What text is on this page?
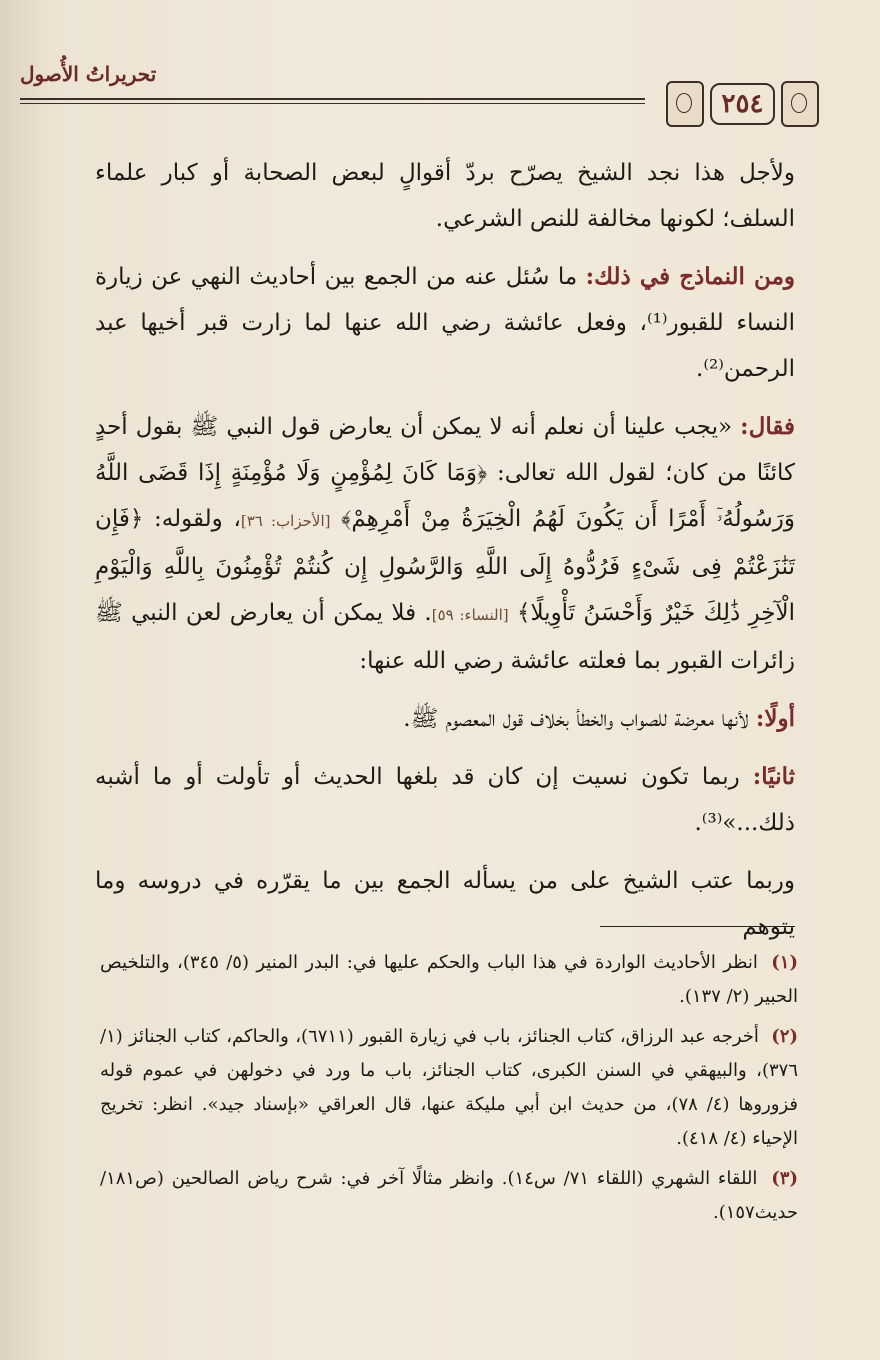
تحريراتُ الأُصول
٢٥٤

ولأجل هذا نجد الشيخ يصرّح بردّ أقوالٍ لبعض الصحابة أو كبار علماء السلف؛ لكونها مخالفة للنص الشرعي.

ومن النماذج في ذلك: ما سُئل عنه من الجمع بين أحاديث النهي عن زيارة النساء للقبور⁽¹⁾، وفعل عائشة رضي الله عنها لما زارت قبر أخيها عبد الرحمن⁽²⁾.

فقال: «يجب علينا أن نعلم أنه لا يمكن أن يعارض قول النبي ﷺ بقول أحدٍ كائنًا من كان؛ لقول الله تعالى: ﴿وَمَا كَانَ لِمُؤْمِنٍ وَلَا مُؤْمِنَةٍ إِذَا قَضَى اللَّهُ وَرَسُولُهُۥٓ أَمْرًا أَن يَكُونَ لَهُمُ الْخِيَرَةُ مِنْ أَمْرِهِمْ﴾ [الأحزاب: ٣٦]، ولقوله: ﴿فَإِن تَنَٰزَعْتُمْ فِى شَىْءٍ فَرُدُّوهُ إِلَى اللَّهِ وَالرَّسُولِ إِن كُنتُمْ تُؤْمِنُونَ بِاللَّهِ وَالْيَوْمِ الْآخِرِ ذَٰلِكَ خَيْرٌ وَأَحْسَنُ تَأْوِيلًا﴾ [النساء: ٥٩]. فلا يمكن أن يعارض لعن النبي ﷺ زائرات القبور بما فعلته عائشة رضي الله عنها:

أولًا: لأنها معرضة للصواب والخطأ بخلاف قول المعصوم ﷺ.

ثانيًا: ربما تكون نسيت إن كان قد بلغها الحديث أو تأولت أو ما أشبه ذلك...»⁽³⁾.

وربما عتب الشيخ على من يسأله الجمع بين ما يقرّره في دروسه وما يتوهم

(١) انظر الأحاديث الواردة في هذا الباب والحكم عليها في: البدر المنير (٥/ ٣٤٥)، والتلخيص الحبير (٢/ ١٣٧).

(٢) أخرجه عبد الرزاق، كتاب الجنائز، باب في زيارة القبور (٦٧١١)، والحاكم، كتاب الجنائز (١/ ٣٧٦)، والبيهقي في السنن الكبرى، كتاب الجنائز، باب ما ورد في دخولهن في عموم قوله فزوروها (٤/ ٧٨)، من حديث ابن أبي مليكة عنها، قال العراقي «بإسناد جيد». انظر: تخريج الإحياء (٤/ ٤١٨).

(٣) اللقاء الشهري (اللقاء ٧١/ س١٤). وانظر مثالًا آخر في: شرح رياض الصالحين (ص١٨١/ حديث١٥٧).
